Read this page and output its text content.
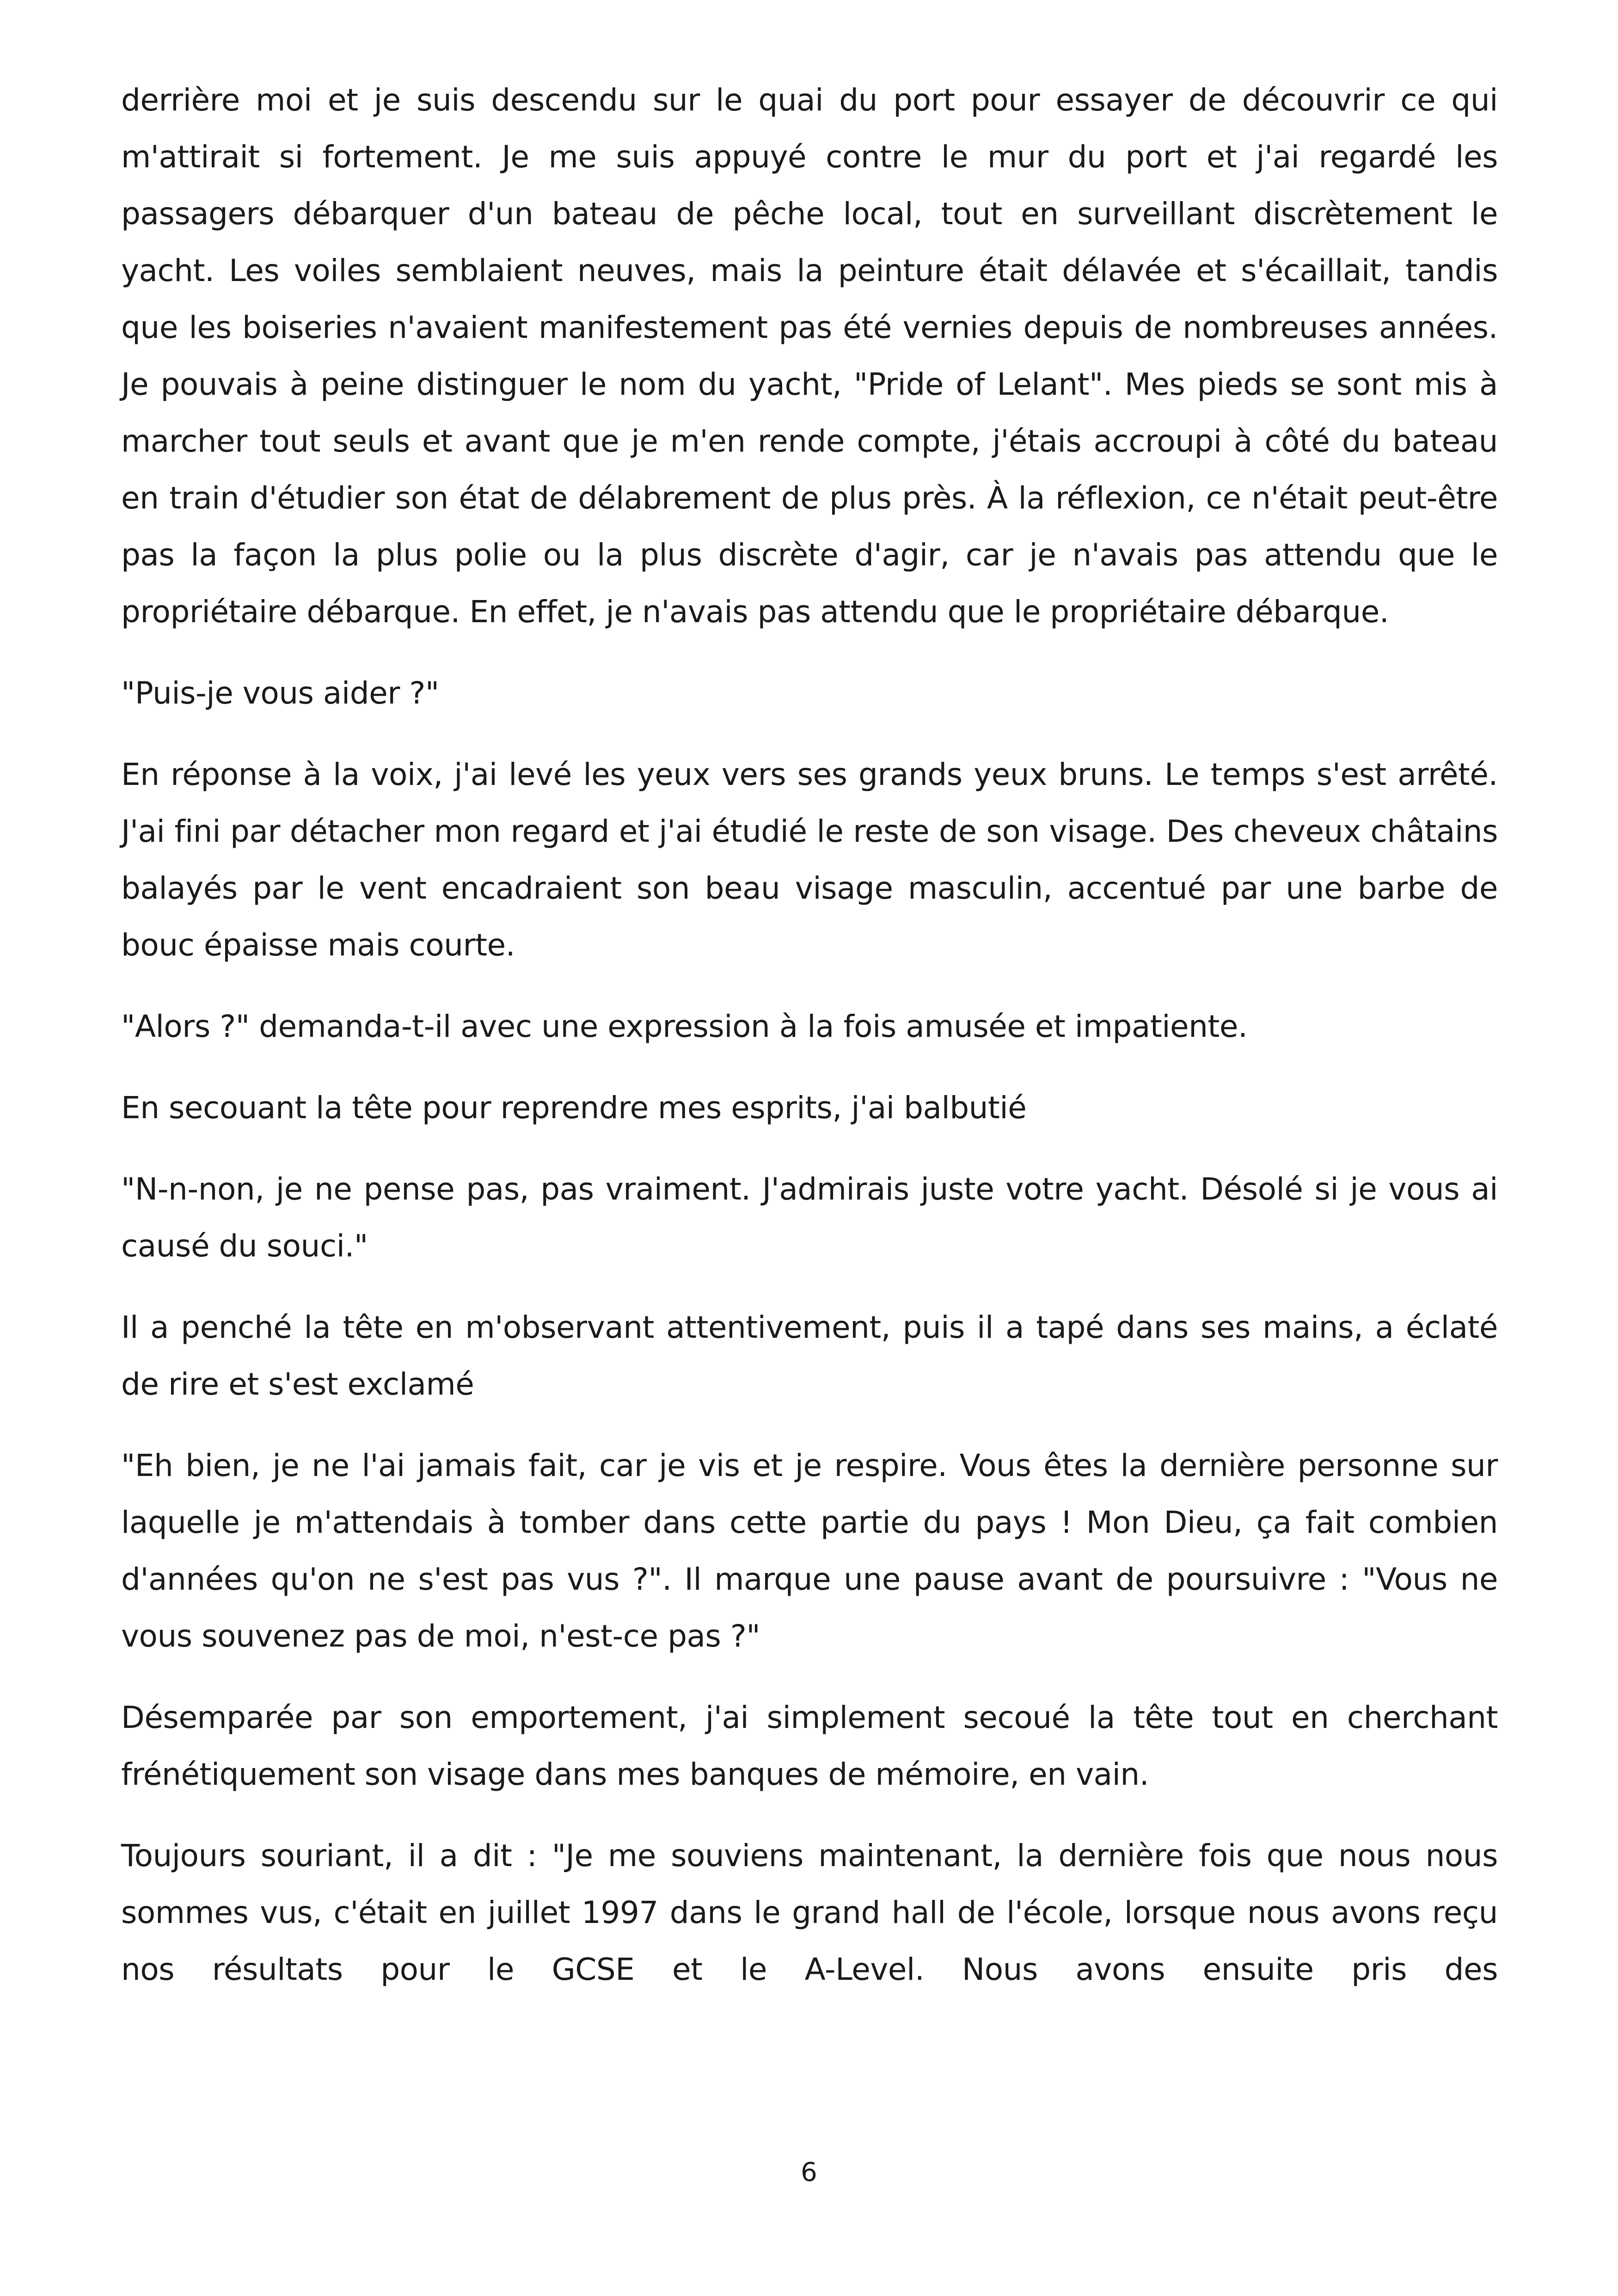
derrière moi et je suis descendu sur le quai du port pour essayer de découvrir ce qui m'attirait si fortement. Je me suis appuyé contre le mur du port et j'ai regardé les passagers débarquer d'un bateau de pêche local, tout en surveillant discrètement le yacht. Les voiles semblaient neuves, mais la peinture était délavée et s'écaillait, tandis que les boiseries n'avaient manifestement pas été vernies depuis de nombreuses années. Je pouvais à peine distinguer le nom du yacht, "Pride of Lelant". Mes pieds se sont mis à marcher tout seuls et avant que je m'en rende compte, j'étais accroupi à côté du bateau en train d'étudier son état de délabrement de plus près. À la réflexion, ce n'était peut-être pas la façon la plus polie ou la plus discrète d'agir, car je n'avais pas attendu que le propriétaire débarque. En effet, je n'avais pas attendu que le propriétaire débarque.

"Puis-je vous aider ?"

En réponse à la voix, j'ai levé les yeux vers ses grands yeux bruns. Le temps s'est arrêté. J'ai fini par détacher mon regard et j'ai étudié le reste de son visage. Des cheveux châtains balayés par le vent encadraient son beau visage masculin, accentué par une barbe de bouc épaisse mais courte.

"Alors ?" demanda-t-il avec une expression à la fois amusée et impatiente.

En secouant la tête pour reprendre mes esprits, j'ai balbutié

"N-n-non, je ne pense pas, pas vraiment. J'admirais juste votre yacht. Désolé si je vous ai causé du souci."

Il a penché la tête en m'observant attentivement, puis il a tapé dans ses mains, a éclaté de rire et s'est exclamé

"Eh bien, je ne l'ai jamais fait, car je vis et je respire. Vous êtes la dernière personne sur laquelle je m'attendais à tomber dans cette partie du pays ! Mon Dieu, ça fait combien d'années qu'on ne s'est pas vus ?". Il marque une pause avant de poursuivre : "Vous ne vous souvenez pas de moi, n'est-ce pas ?"

Désemparée par son emportement, j'ai simplement secoué la tête tout en cherchant frénétiquement son visage dans mes banques de mémoire, en vain.

Toujours souriant, il a dit : "Je me souviens maintenant, la dernière fois que nous nous sommes vus, c'était en juillet 1997 dans le grand hall de l'école, lorsque nous avons reçu nos résultats pour le GCSE et le A-Level. Nous avons ensuite pris des

6
